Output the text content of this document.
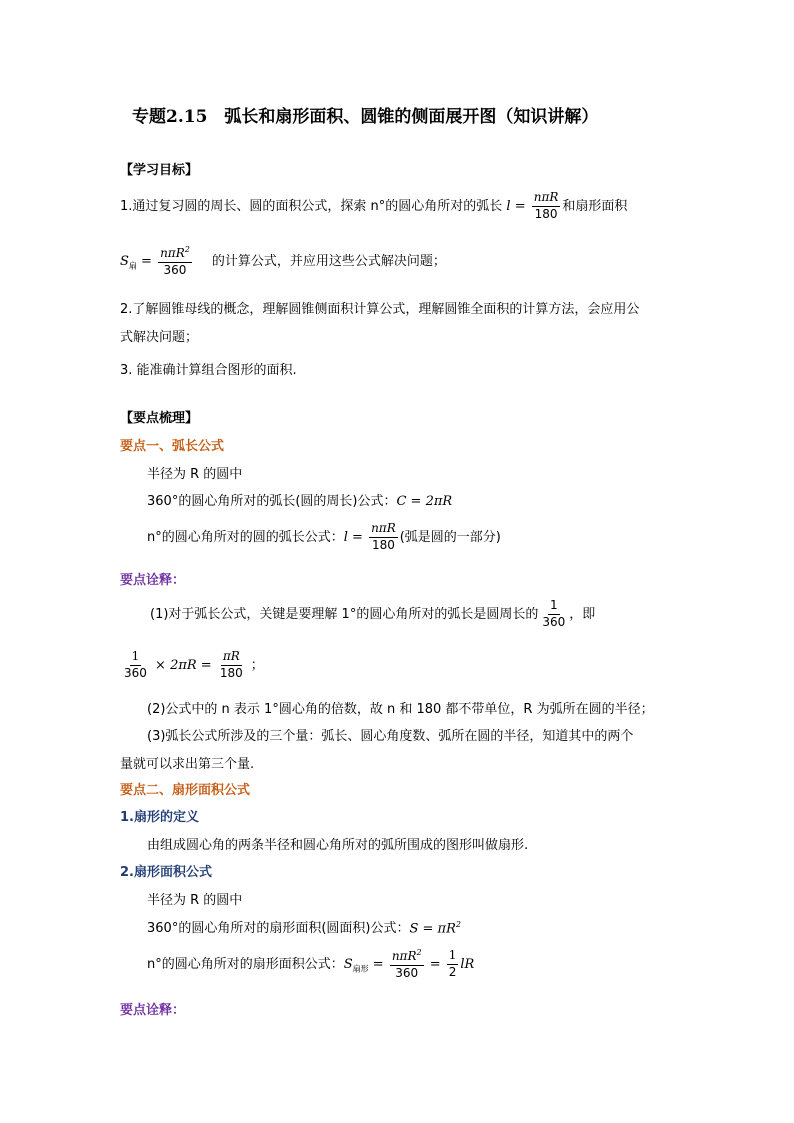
专题2.15　弧长和扇形面积、圆锥的侧面展开图（知识讲解）
【学习目标】
1.通过复习圆的周长、圆的面积公式，探索 n°的圆心角所对的弧长 $l = \frac{\text{nπR}}{180}$ 和扇形面积
$S_扇 = \frac{n\pi R^2}{360}$ 的计算公式，并应用这些公式解决问题；
2.了解圆锥母线的概念，理解圆锥侧面积计算公式，理解圆锥全面积的计算方法，会应用公
式解决问题；
3. 能准确计算组合图形的面积.
【要点梳理】
要点一、弧长公式
半径为 R 的圆中
360°的圆心角所对的弧长(圆的周长)公式： C = 2πR
n°的圆心角所对的圆的弧长公式： $l = \frac{\text{nπR}}{180}$ (弧是圆的一部分)
要点诠释：
(1)对于弧长公式，关键是要理解 1°的圆心角所对的弧长是圆周长的 $\frac{1}{360}$ ，即
$\frac{1}{360} \times 2\pi R = \frac{\pi R}{180}$ ；
(2)公式中的 n 表示 1°圆心角的倍数，故 n 和 180 都不带单位，R 为弧所在圆的半径；
(3)弧长公式所涉及的三个量：弧长、圆心角度数、弧所在圆的半径，知道其中的两个
量就可以求出第三个量.
要点二、扇形面积公式
1.扇形的定义
由组成圆心角的两条半径和圆心角所对的弧所围成的图形叫做扇形.
2.扇形面积公式
半径为 R 的圆中
360°的圆心角所对的扇形面积(圆面积)公式： $S = \pi R^2$
n°的圆心角所对的扇形面积公式： $S_{扇形} = \frac{n\pi R^2}{360} = \frac{1}{2}$ lR
要点诠释：
